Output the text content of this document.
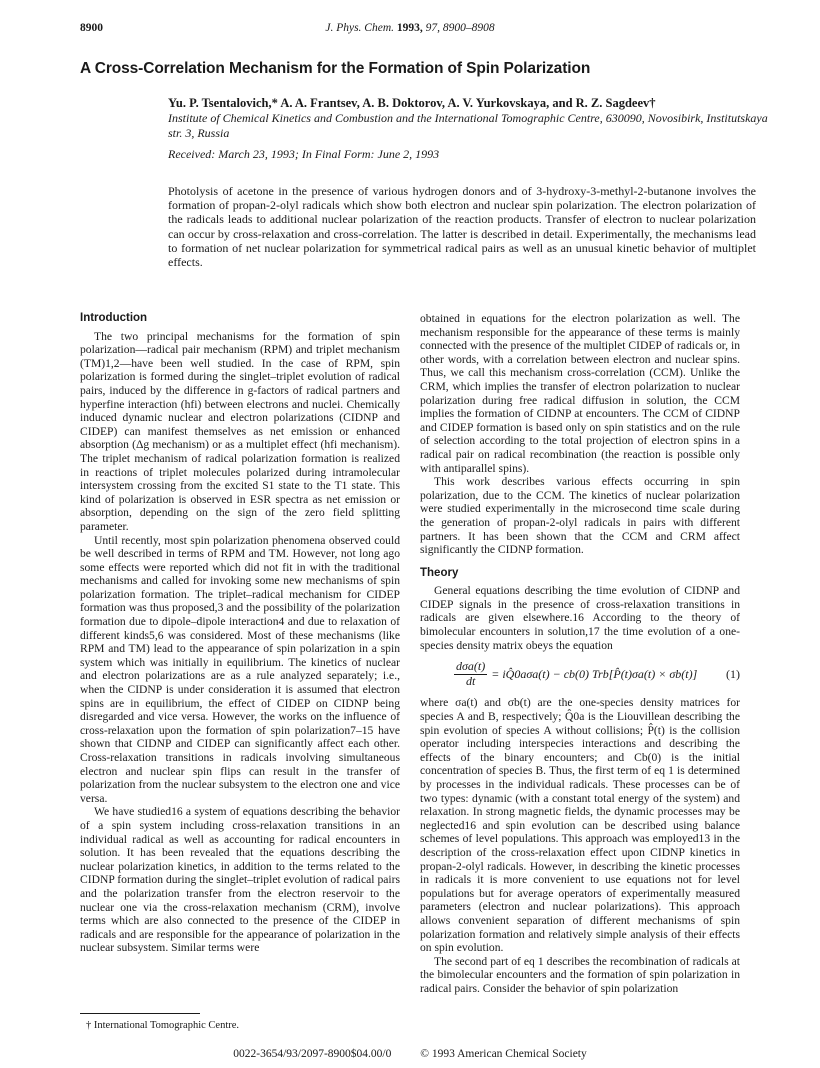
8900	J. Phys. Chem. 1993, 97, 8900–8908
A Cross-Correlation Mechanism for the Formation of Spin Polarization
Yu. P. Tsentalovich,* A. A. Frantsev, A. B. Doktorov, A. V. Yurkovskaya, and R. Z. Sagdeev†
Institute of Chemical Kinetics and Combustion and the International Tomographic Centre, 630090, Novosibirk, Institutskaya str. 3, Russia
Received: March 23, 1993; In Final Form: June 2, 1993
Photolysis of acetone in the presence of various hydrogen donors and of 3-hydroxy-3-methyl-2-butanone involves the formation of propan-2-olyl radicals which show both electron and nuclear spin polarization. The electron polarization of the radicals leads to additional nuclear polarization of the reaction products. Transfer of electron to nuclear polarization can occur by cross-relaxation and cross-correlation. The latter is described in detail. Experimentally, the mechanisms lead to formation of net nuclear polarization for symmetrical radical pairs as well as an unusual kinetic behavior of multiplet effects.
Introduction

The two principal mechanisms for the formation of spin polarization—radical pair mechanism (RPM) and triplet mechanism (TM)1,2—have been well studied. In the case of RPM, spin polarization is formed during the singlet–triplet evolution of radical pairs, induced by the difference in g-factors of radical partners and hyperfine interaction (hfi) between electrons and nuclei. Chemically induced dynamic nuclear and electron polarizations (CIDNP and CIDEP) can manifest themselves as net emission or enhanced absorption (Δg mechanism) or as a multiplet effect (hfi mechanism). The triplet mechanism of radical polarization formation is realized in reactions of triplet molecules polarized during intramolecular intersystem crossing from the excited S1 state to the T1 state. This kind of polarization is observed in ESR spectra as net emission or absorption, depending on the sign of the zero field splitting parameter.

Until recently, most spin polarization phenomena observed could be well described in terms of RPM and TM. However, not long ago some effects were reported which did not fit in with the traditional mechanisms and called for invoking some new mechanisms of spin polarization formation. The triplet–radical mechanism for CIDEP formation was thus proposed,3 and the possibility of the polarization formation due to dipole–dipole interaction4 and due to relaxation of different kinds5,6 was considered. Most of these mechanisms (like RPM and TM) lead to the appearance of spin polarization in a spin system which was initially in equilibrium. The kinetics of nuclear and electron polarizations are as a rule analyzed separately; i.e., when the CIDNP is under consideration it is assumed that electron spins are in equilibrium, the effect of CIDEP on CIDNP being disregarded and vice versa. However, the works on the influence of cross-relaxation upon the formation of spin polarization7–15 have shown that CIDNP and CIDEP can significantly affect each other. Cross-relaxation transitions in radicals involving simultaneous electron and nuclear spin flips can result in the transfer of polarization from the nuclear subsystem to the electron one and vice versa.

We have studied16 a system of equations describing the behavior of a spin system including cross-relaxation transitions in an individual radical as well as accounting for radical encounters in solution. It has been revealed that the equations describing the nuclear polarization kinetics, in addition to the terms related to the CIDNP formation during the singlet–triplet evolution of radical pairs and the polarization transfer from the electron reservoir to the nuclear one via the cross-relaxation mechanism (CRM), involve terms which are also connected to the presence of the CIDEP in radicals and are responsible for the appearance of polarization in the nuclear subsystem. Similar terms were

obtained in equations for the electron polarization as well. The mechanism responsible for the appearance of these terms is mainly connected with the presence of the multiplet CIDEP of radicals or, in other words, with a correlation between electron and nuclear spins. Thus, we call this mechanism cross-correlation (CCM). Unlike the CRM, which implies the transfer of electron polarization to nuclear polarization during free radical diffusion in solution, the CCM implies the formation of CIDNP at encounters. The CCM of CIDNP and CIDEP formation is based only on spin statistics and on the rule of selection according to the total projection of electron spins in a radical pair on radical recombination (the reaction is possible only with antiparallel spins).

This work describes various effects occurring in spin polarization, due to the CCM. The kinetics of nuclear polarization were studied experimentally in the microsecond time scale during the generation of propan-2-olyl radicals in pairs with different partners. It has been shown that the CCM and CRM affect significantly the CIDNP formation.

Theory

General equations describing the time evolution of CIDNP and CIDEP signals in the presence of cross-relaxation transitions in radicals are given elsewhere.16 According to the theory of bimolecular encounters in solution,17 the time evolution of a one-species density matrix obeys the equation

$\frac{\text{dσa(t)}}{dt}$ = iQ̂0aσa(t) − cb(0) Trb[P̂(t)σa(t) × σb(t)] (1)

where σa(t) and σb(t) are the one-species density matrices for species A and B, respectively; Q̂0a is the Liouvillean describing the spin evolution of species A without collisions; P̂(t) is the collision operator including interspecies interactions and describing the effects of the binary encounters; and Cb(0) is the initial concentration of species B. Thus, the first term of eq 1 is determined by processes in the individual radicals. These processes can be of two types: dynamic (with a constant total energy of the system) and relaxation. In strong magnetic fields, the dynamic processes may be neglected16 and spin evolution can be described using balance schemes of level populations. This approach was employed13 in the description of the cross-relaxation effect upon CIDNP kinetics in propan-2-olyl radicals. However, in describing the kinetic processes in radicals it is more convenient to use equations not for level populations but for average operators of experimentally measured parameters (electron and nuclear polarizations). This approach allows convenient separation of different mechanisms of spin polarization formation and relatively simple analysis of their effects on spin evolution.

The second part of eq 1 describes the recombination of radicals at the bimolecular encounters and the formation of spin polarization in radical pairs. Consider the behavior of spin polarization

† International Tomographic Centre.
0022-3654/93/2097-8900$04.00/0	© 1993 American Chemical Society
